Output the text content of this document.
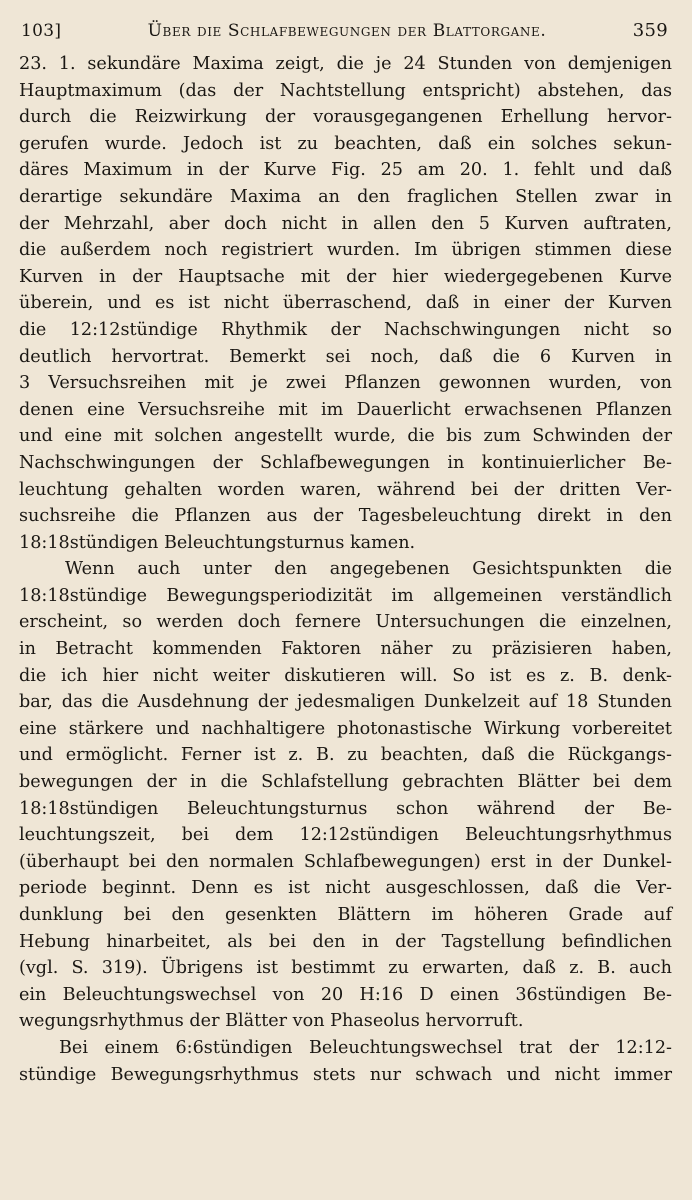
103]	Über die Schlafbewegungen der Blattorgane.	359
23. 1. sekundäre Maxima zeigt, die je 24 Stunden von demjenigen
Hauptmaximum (das der Nachtstellung entspricht) abstehen, das
durch die Reizwirkung der vorausgegangenen Erhellung hervor-
gerufen wurde. Jedoch ist zu beachten, daß ein solches sekun-
däres Maximum in der Kurve Fig. 25 am 20. 1. fehlt und daß
derartige sekundäre Maxima an den fraglichen Stellen zwar in
der Mehrzahl, aber doch nicht in allen den 5 Kurven auftraten,
die außerdem noch registriert wurden. Im übrigen stimmen diese
Kurven in der Hauptsache mit der hier wiedergegebenen Kurve
überein, und es ist nicht überraschend, daß in einer der Kurven
die 12:12stündige Rhythmik der Nachschwingungen nicht so
deutlich hervortrat. Bemerkt sei noch, daß die 6 Kurven in
3 Versuchsreihen mit je zwei Pflanzen gewonnen wurden, von
denen eine Versuchsreihe mit im Dauerlicht erwachsenen Pflanzen
und eine mit solchen angestellt wurde, die bis zum Schwinden der
Nachschwingungen der Schlafbewegungen in kontinuierlicher Be-
leuchtung gehalten worden waren, während bei der dritten Ver-
suchsreihe die Pflanzen aus der Tagesbeleuchtung direkt in den
18:18stündigen Beleuchtungsturnus kamen.
Wenn auch unter den angegebenen Gesichtspunkten die
18:18stündige Bewegungsperiodizität im allgemeinen verständlich
erscheint, so werden doch fernere Untersuchungen die einzelnen,
in Betracht kommenden Faktoren näher zu präzisieren haben,
die ich hier nicht weiter diskutieren will. So ist es z. B. denk-
bar, das die Ausdehnung der jedesmaligen Dunkelzeit auf 18 Stunden
eine stärkere und nachhaltigere photonastische Wirkung vorbereitet
und ermöglicht. Ferner ist z. B. zu beachten, daß die Rückgangs-
bewegungen der in die Schlafstellung gebrachten Blätter bei dem
18:18stündigen Beleuchtungsturnus schon während der Be-
leuchtungszeit, bei dem 12:12stündigen Beleuchtungsrhythmus
(überhaupt bei den normalen Schlafbewegungen) erst in der Dunkel-
periode beginnt. Denn es ist nicht ausgeschlossen, daß die Ver-
dunklung bei den gesenkten Blättern im höheren Grade auf
Hebung hinarbeitet, als bei den in der Tagstellung befindlichen
(vgl. S. 319). Übrigens ist bestimmt zu erwarten, daß z. B. auch
ein Beleuchtungswechsel von 20 H:16 D einen 36stündigen Be-
wegungsrhythmus der Blätter von Phaseolus hervorruft.
Bei einem 6:6stündigen Beleuchtungswechsel trat der 12:12-
stündige Bewegungsrhythmus stets nur schwach und nicht immer
